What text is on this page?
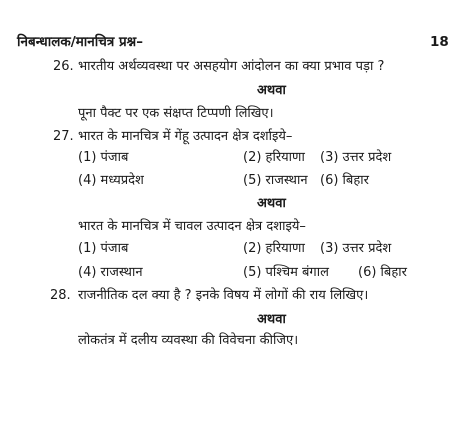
निबन्धालक/मानचित्र प्रश्न–	18
26. भारतीय अर्थव्यवस्था पर असहयोग आंदोलन का क्या प्रभाव पड़ा ?
अथवा
पूना पैक्ट पर एक संक्षप्त टिप्पणी लिखिए।
27. भारत के मानचित्र में गेंहू उत्पादन क्षेत्र दर्शाइये–
(1) पंजाब	(2) हरियाणा (3) उत्तर प्रदेश
(4) मध्यप्रदेश	(5) राजस्थान (6) बिहार
अथवा
भारत के मानचित्र में चावल उत्पादन क्षेत्र दशाइये–
(1) पंजाब	(2) हरियाणा (3) उत्तर प्रदेश
(4) राजस्थान	(5) पश्चिम बंगाल (6) बिहार
28. राजनीतिक दल क्या है ? इनके विषय में लोगों की राय लिखिए।
अथवा
लोकतंत्र में दलीय व्यवस्था की विवेचना कीजिए।
